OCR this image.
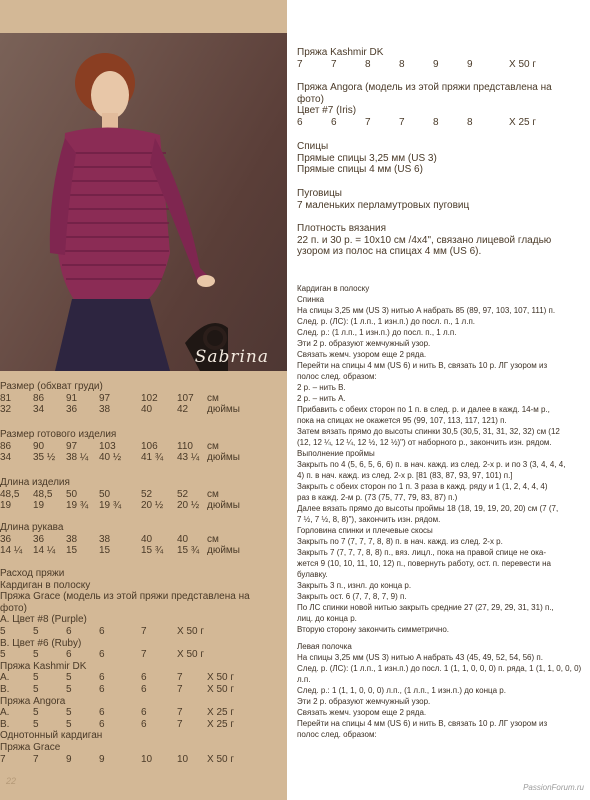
Sabrina
Размер (обхват груди)
81	86	91	97	102	107	см
32	34	36	38	40	42	дюймы
Размер готового изделия
86	90	97	103	106	110	см
34	35 ½	38 ¼	40 ½	41 ¾	43 ¼ дюймы
Длина изделия
48,5	48,5	50	50	52	52	см
19	19	19 ¾	19 ¾	20 ½	20 ½ дюймы
Длина рукава
36	36	38	38	40	40	см
14 ¼	14 ¼	15	15	15 ¾	15 ¾ дюймы
Расход пряжи
Кардиган в полоску
Пряжа Grace (модель из этой пряжи представлена на
фото)
A. Цвет #8 (Purple)
5	5	6	6	7	X 50 г
B. Цвет #6 (Ruby)
5	5	6	6	7	X 50 г
Пряжа Kashmir DK
A.	5	5	6	6	7	X 50 г
B.	5	5	6	6	7	X 50 г
Пряжа Angora
A.	5	5	6	6	7	X 25 г
B.	5	5	6	6	7	X 25 г
Однотонный кардиган
Пряжа Grace
7	7	9	9	10	10	X 50 г
22
Пряжа Kashmir DK
7	7	8	8	9	9	X 50 г
Пряжа Angora (модель из этой пряжи представлена на
фото)
Цвет #7 (Iris)
6	6	7	7	8	8	X 25 г
Спицы
Прямые спицы 3,25 мм (US 3)
Прямые спицы 4 мм (US 6)
Пуговицы
7 маленьких перламутровых пуговиц
Плотность вязания
22 п. и 30 р. = 10х10 см /4х4", связано лицевой гладью
узором из полос на спицах 4 мм (US 6).
Кардиган в полоску
Спинка
На спицы 3,25 мм (US 3) нитью A набрать 85 (89, 97, 103, 107, 111) п.
След. р. (ЛС): (1 л.п., 1 изн.п.) до посл. п., 1 л.п.
След. р.: (1 л.п., 1 изн.п.) до посл. п., 1 л.п.
Эти 2 р. образуют жемчужный узор.
Связать жемч. узором еще 2 ряда.
Перейти на спицы 4 мм (US 6) и нить B, связать 10 р. ЛГ узором из
полос след. образом:
2 р. – нить B.
2 р. – нить A.
Прибавить с обеих сторон по 1 п. в след. р. и далее в кажд. 14-м р.,
пока на спицах не окажется 95 (99, 107, 113, 117, 121) п.
Затем вязать прямо до высоты спинки 30,5 (30,5, 31, 31, 32, 32) см (12
(12, 12 ¼, 12 ¼, 12 ½, 12 ½)") от наборного р., закончить изн. рядом.
Выполнение проймы
Закрыть по 4 (5, 6, 5, 6, 6) п. в нач. кажд. из след. 2-х р. и по 3 (3, 4, 4, 4,
4) п. в нач. кажд. из след. 2-х р. [81 (83, 87, 93, 97, 101) п.]
Закрыть с обеих сторон по 1 п. 3 раза в кажд. ряду и 1 (1, 2, 4, 4, 4)
раз в кажд. 2-м р. (73 (75, 77, 79, 83, 87) п.)
Далее вязать прямо до высоты проймы 18 (18, 19, 19, 20, 20) см (7 (7,
7 ½, 7 ½, 8, 8)"), закончить изн. рядом.
Горловина спинки и плечевые скосы
Закрыть по 7 (7, 7, 7, 8, 8) п. в нач. кажд. из след. 2-х р.
Закрыть 7 (7, 7, 7, 8, 8) п., вяз. лицл., пока на правой спице не ока-
жется 9 (10, 10, 11, 10, 12) п., повернуть работу, ост. п. перевести на
булавку.
Закрыть 3 п., изнл. до конца р.
Закрыть ост. 6 (7, 7, 8, 7, 9) п.
По ЛС спинки новой нитью закрыть средние 27 (27, 29, 29, 31, 31) п.,
лиц. до конца р.
Вторую сторону закончить симметрично.
Левая полочка
На спицы 3,25 мм (US 3) нитью A набрать 43 (45, 49, 52, 54, 56) п.
След. р. (ЛС): (1 л.п., 1 изн.п.) до посл. 1 (1, 1, 0, 0, 0) п. ряда, 1 (1, 1, 0, 0, 0)
л.п.
След. р.: 1 (1, 1, 0, 0, 0) л.п., (1 л.п., 1 изн.п.) до конца р.
Эти 2 р. образуют жемчужный узор.
Связать жемч. узором еще 2 ряда.
Перейти на спицы 4 мм (US 6) и нить B, связать 10 р. ЛГ узором из
полос след. образом:
PassionForum.ru
